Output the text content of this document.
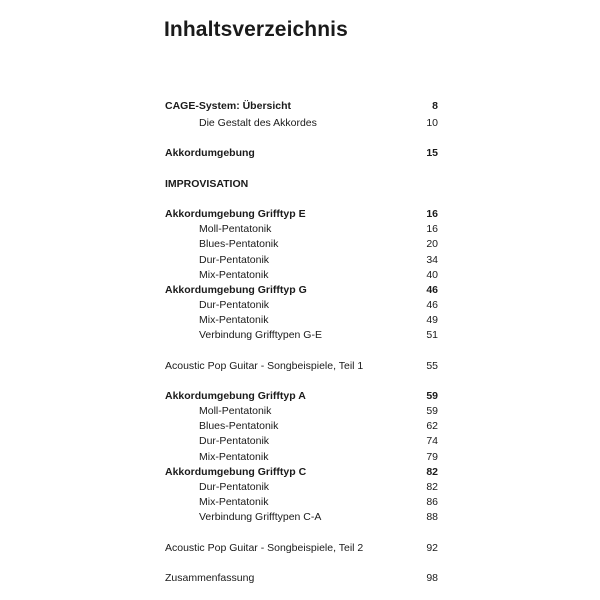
Inhaltsverzeichnis
CAGE-System: Übersicht	8
Die Gestalt des Akkordes	10
Akkordumgebung	15
IMPROVISATION
Akkordumgebung Grifftyp E	16
Moll-Pentatonik	16
Blues-Pentatonik	20
Dur-Pentatonik	34
Mix-Pentatonik	40
Akkordumgebung Grifftyp G	46
Dur-Pentatonik	46
Mix-Pentatonik	49
Verbindung Grifftypen G-E	51
Acoustic Pop Guitar - Songbeispiele, Teil 1	55
Akkordumgebung Grifftyp A	59
Moll-Pentatonik	59
Blues-Pentatonik	62
Dur-Pentatonik	74
Mix-Pentatonik	79
Akkordumgebung Grifftyp C	82
Dur-Pentatonik	82
Mix-Pentatonik	86
Verbindung Grifftypen C-A	88
Acoustic Pop Guitar - Songbeispiele, Teil 2	92
Zusammenfassung	98
